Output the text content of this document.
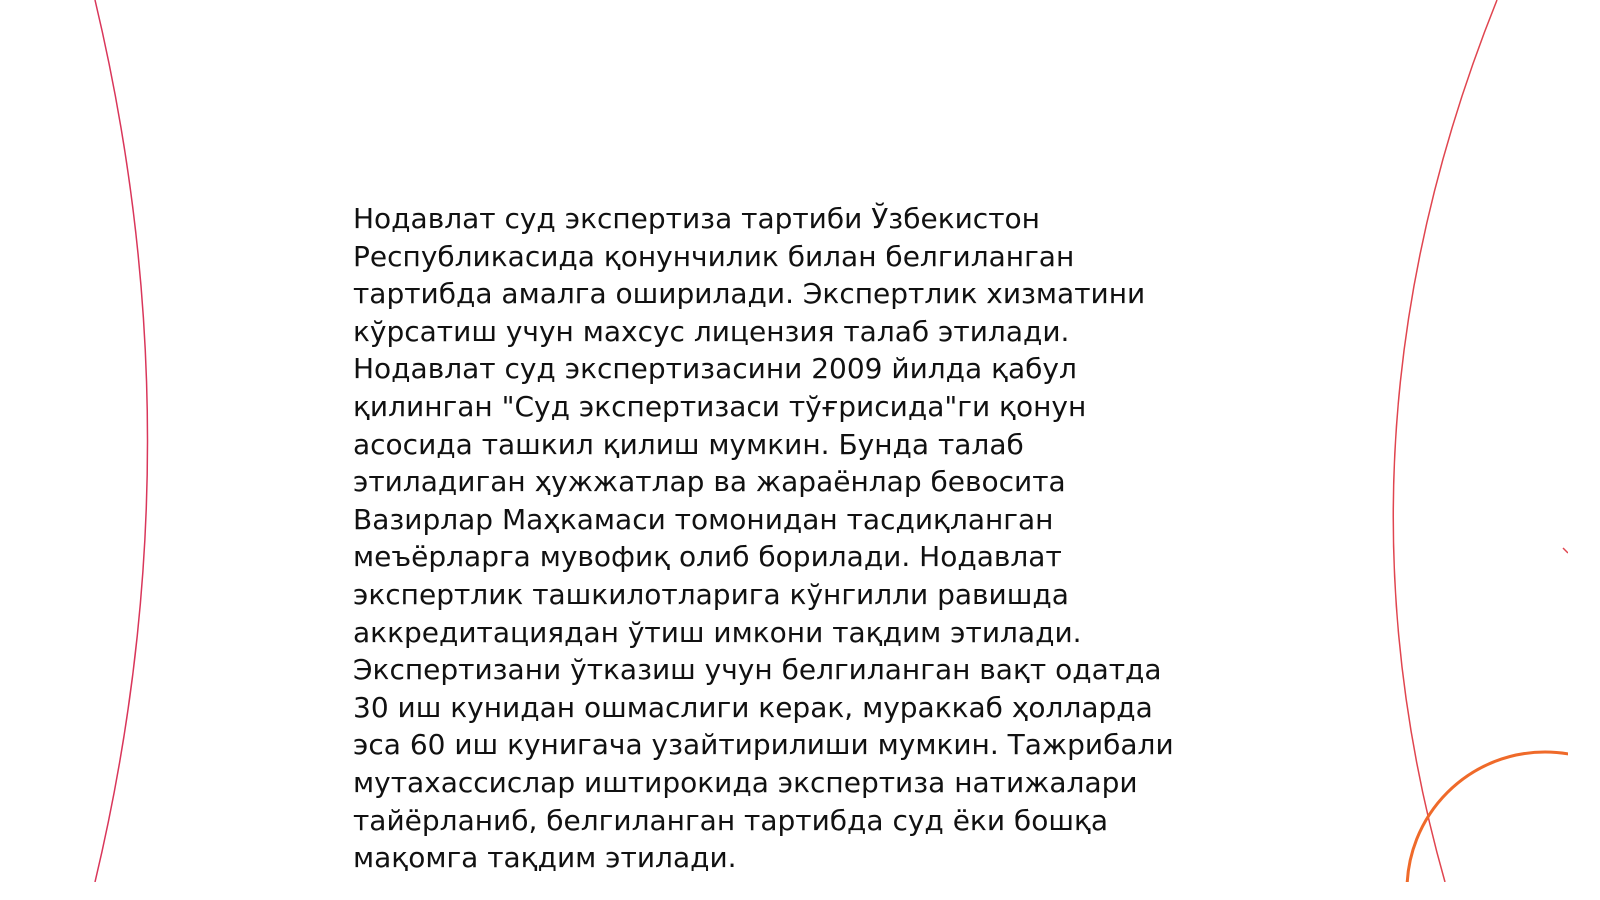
Нодавлат суд экспертиза тартиби Ўзбекистон
Республикасида қонунчилик билан белгиланган
тартибда амалга оширилади. Экспертлик хизматини
кўрсатиш учун махсус лицензия талаб этилади.
Нодавлат суд экспертизасини 2009 йилда қабул
қилинган "Суд экспертизаси тўғрисида"ги қонун
асосида ташкил қилиш мумкин. Бунда талаб
этиладиган ҳужжатлар ва жараёнлар бевосита
Вазирлар Маҳкамаси томонидан тасдиқланган
меъёрларга мувофиқ олиб борилади. Нодавлат
экспертлик ташкилотларига кўнгилли равишда
аккредитациядан ўтиш имкони тақдим этилади.
Экспертизани ўтказиш учун белгиланган вақт одатда
30 иш кунидан ошмаслиги керак, мураккаб ҳолларда
эса 60 иш кунигача узайтирилиши мумкин. Тажрибали
мутахассислар иштирокида экспертиза натижалари
тайёрланиб, белгиланган тартибда суд ёки бошқа
мақомга тақдим этилади.
